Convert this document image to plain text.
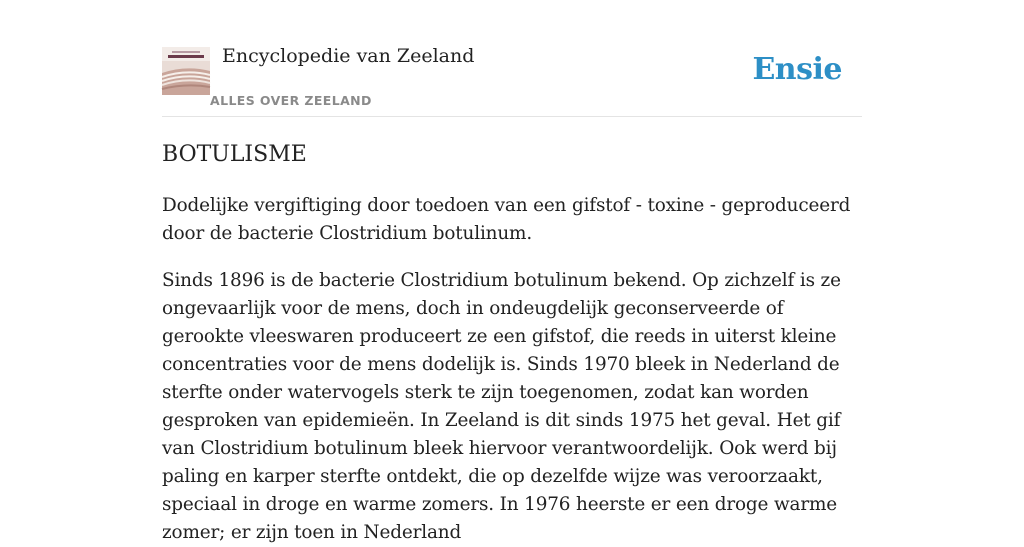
Encyclopedie van Zeeland
ALLES OVER ZEELAND
Ensie
BOTULISME

Dodelijke vergiftiging door toedoen van een gifstof - toxine - geproduceerd door de bacterie Clostridium botulinum.

Sinds 1896 is de bacterie Clostridium botulinum bekend. Op zichzelf is ze ongevaarlijk voor de mens, doch in ondeugdelijk geconserveerde of gerookte vleeswaren produceert ze een gifstof, die reeds in uiterst kleine concentraties voor de mens dodelijk is. Sinds 1970 bleek in Nederland de sterfte onder watervogels sterk te zijn toegenomen, zodat kan worden gesproken van epidemieën. In Zeeland is dit sinds 1975 het geval. Het gif van Clostridium botulinum bleek hiervoor verantwoordelijk. Ook werd bij paling en karper sterfte ontdekt, die op dezelfde wijze was veroorzaakt, speciaal in droge en warme zomers. In 1976 heerste er een droge warme zomer; er zijn toen in Nederland
